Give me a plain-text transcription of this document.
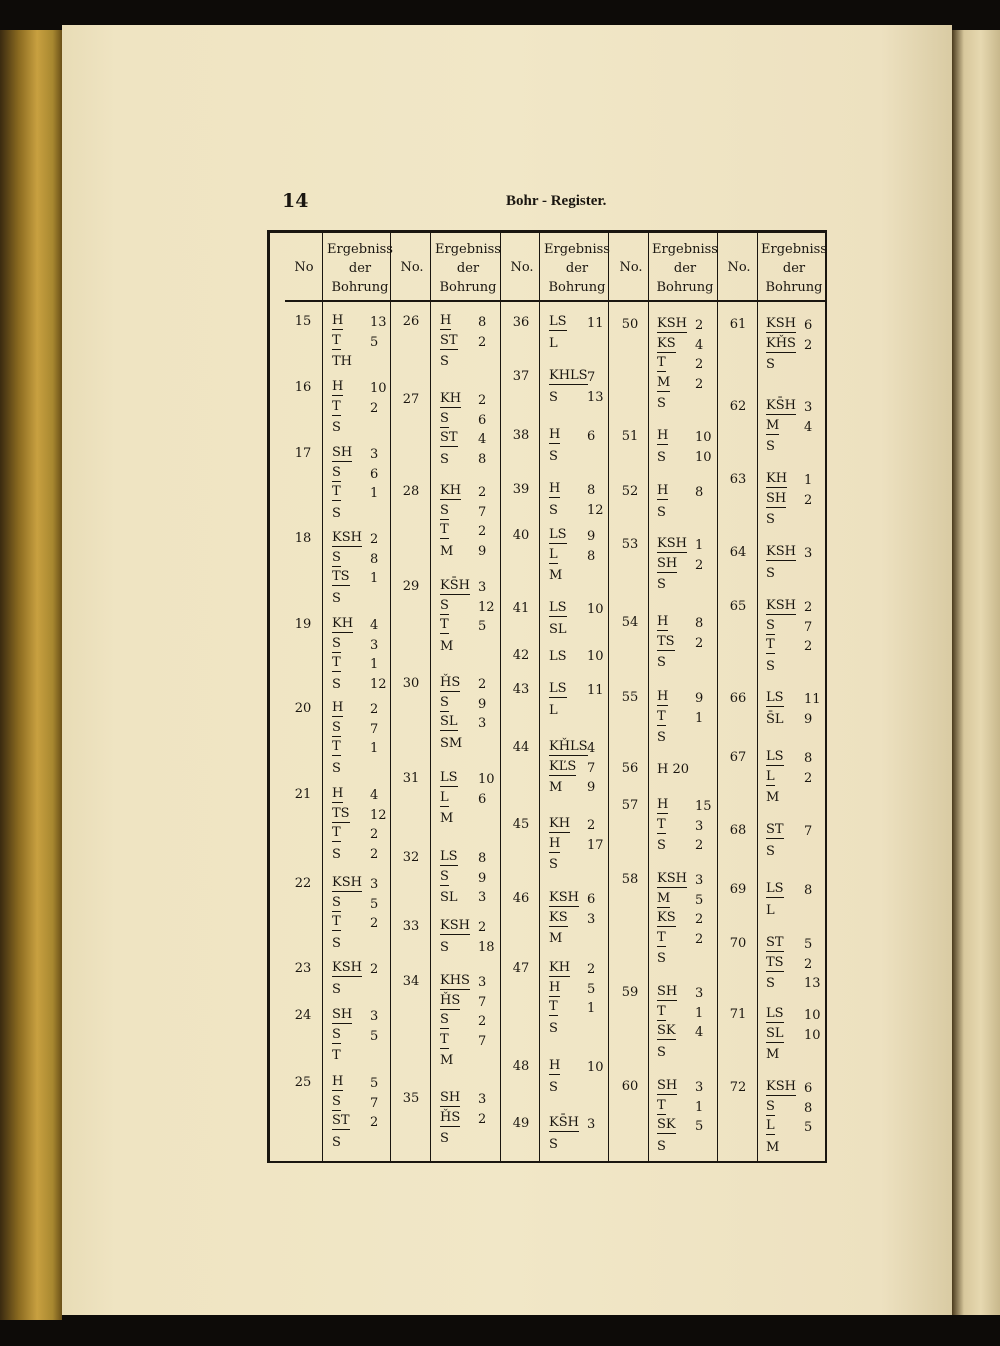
14	Bohr - Register.
No
Ergebniss
der
Bohrung
No.
Ergebniss
der
Bohrung
No.
Ergebniss
der
Bohrung
No.
Ergebniss
der
Bohrung
No.
Ergebniss
der
Bohrung
15	H 13
T 5
TH
16	H 10
T 2
S
17	SH 3
S 6
T 1
S
18	KSH 2
S 8
TS 1
S
19	KH 4
S 3
T 1
S 12
20	H 2
S 7
T 1
S
21	H 4
TS 12
T 2
S 2
22	KSH 3
S 5
T 2
S
23	KSH 2
S
24	SH 3
S 5
T
25	H 5
S 7
ST 2
S
26	H 8
ST 2
S
27	KH 2
S 6
ST 4
S 8
28	KH 2
S 7
T 2
M 9
29	KS̄H 3
S 12
T 5
M
30	ȞS 2
S 9
SL 3
SM
31	LS 10
L 6
M
32	LS 8
S 9
SL 3
33	KSH 2
S 18
34	KHS 3
ȞS 7
S 2
T 7
M
35	SH 3
ȞS 2
S
36	LS 11
L
37	KHLS 7
S 13
38	H 6
S
39	H 8
S 12
40	LS 9
L 8
M
41	LS 10
SL
42	LS 10
43	LS 11
L
44	KȞLS 4
KĽS 7
M 9
45	KH 2
H 17
S
46	KSH 6
KS 3
M
47	KH 2
H 5
T 1
S
48	H 10
S
49	KS̄H 3
S
50	KSH 2
KS 4
T 2
M 2
S
51	H 10
S 10
52	H 8
S
53	KSH 1
SH 2
S
54	H 8
TS 2
S
55	H 9
T 1
S
56	H 20
57	H 15
T 3
S 2
58	KSH 3
M 5
KS 2
T 2
S
59	SH 3
T 1
SK 4
S
60	SH 3
T 1
SK 5
S
61	KSH 6
KȞS 2
S
62	KS̄H 3
M 4
S
63	KH 1
SH 2
S
64	KSH 3
S
65	KSH 2
S 7
T 2
S
66	LS 11
S̄L 9
67	LS 8
L 2
M
68	ST 7
S
69	LS 8
L
70	ST 5
TS 2
S 13
71	LS 10
SL 10
M
72	KSH 6
S 8
L 5
M
